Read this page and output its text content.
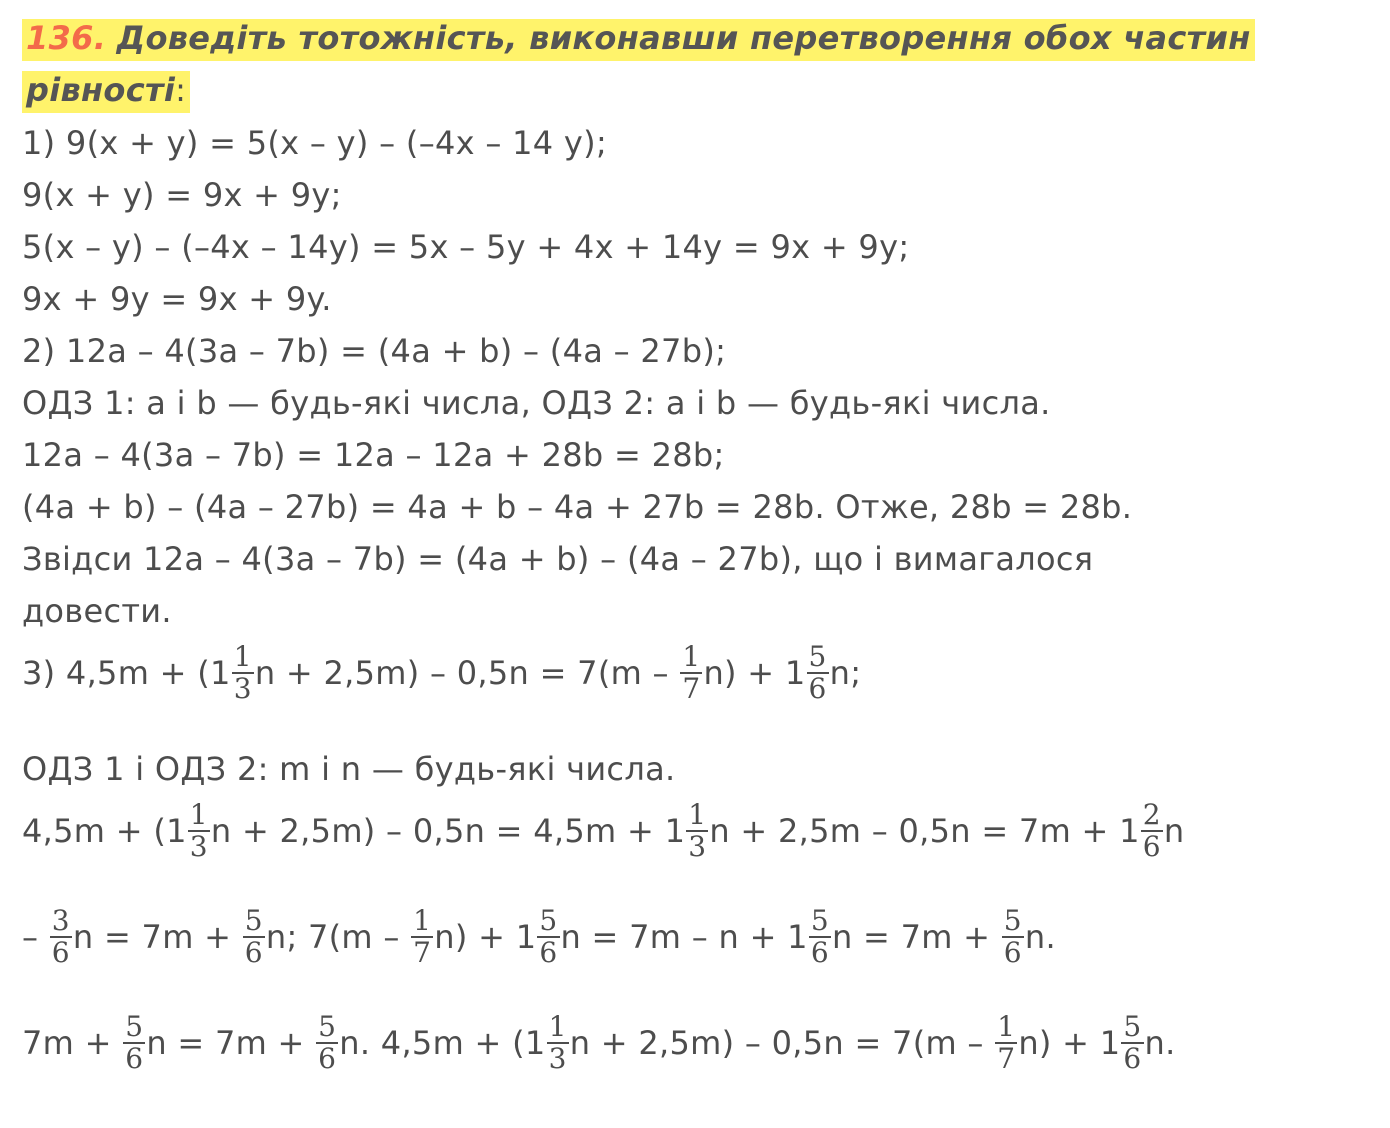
136. Доведіть тотожність, виконавши перетворення обох частин
рівності:
1) 9(x + y) = 5(x – y) – (–4x – 14 y);
9(x + y) = 9x + 9y;
5(x – y) – (–4x – 14y) = 5x – 5y + 4x + 14y = 9x + 9y;
9x + 9y = 9x + 9y.
2) 12a – 4(3a – 7b) = (4a + b) – (4a – 27b);
ОДЗ 1: a і b — будь-які числа, ОДЗ 2: a і b — будь-які числа.
12a – 4(3a – 7b) = 12a – 12a + 28b = 28b;
(4a + b) – (4a – 27b) = 4a + b – 4a + 27b = 28b. Отже, 28b = 28b.
Звідси 12a – 4(3a – 7b) = (4a + b) – (4a – 27b), що і вимагалося
довести.
3) $4,5m + (1 \frac{1}{3}$ $n + 2,5m) - 0,5n = 7(m - \frac{1}{7} n) + 1 \frac{5}{6} n$;
ОДЗ 1 і ОДЗ 2: m і n — будь-які числа.
$4,5m + (1 \frac{1}{3}$ $n + 2,5m) - 0,5n = 4,5m + 1 \frac{1}{3}$ $n + 2,5m - 0,5n = 7m + 1 \frac{2}{6}$ n
– $\frac{3}{6}$ $n = 7m + \frac{5}{6} n$; $7(m - \frac{1}{7} n) + 1 \frac{5}{6}$ $n = 7m - n + 1 \frac{5}{6}$ $n = 7m + \frac{5}{6} n$.
$7m + \frac{5}{6}$ $n = 7m + \frac{5}{6} n$. $4,5m + (1 \frac{1}{3}$ $n + 2,5m) - 0,5n = 7(m - \frac{1}{7} n) + 1 \frac{5}{6} n$.
